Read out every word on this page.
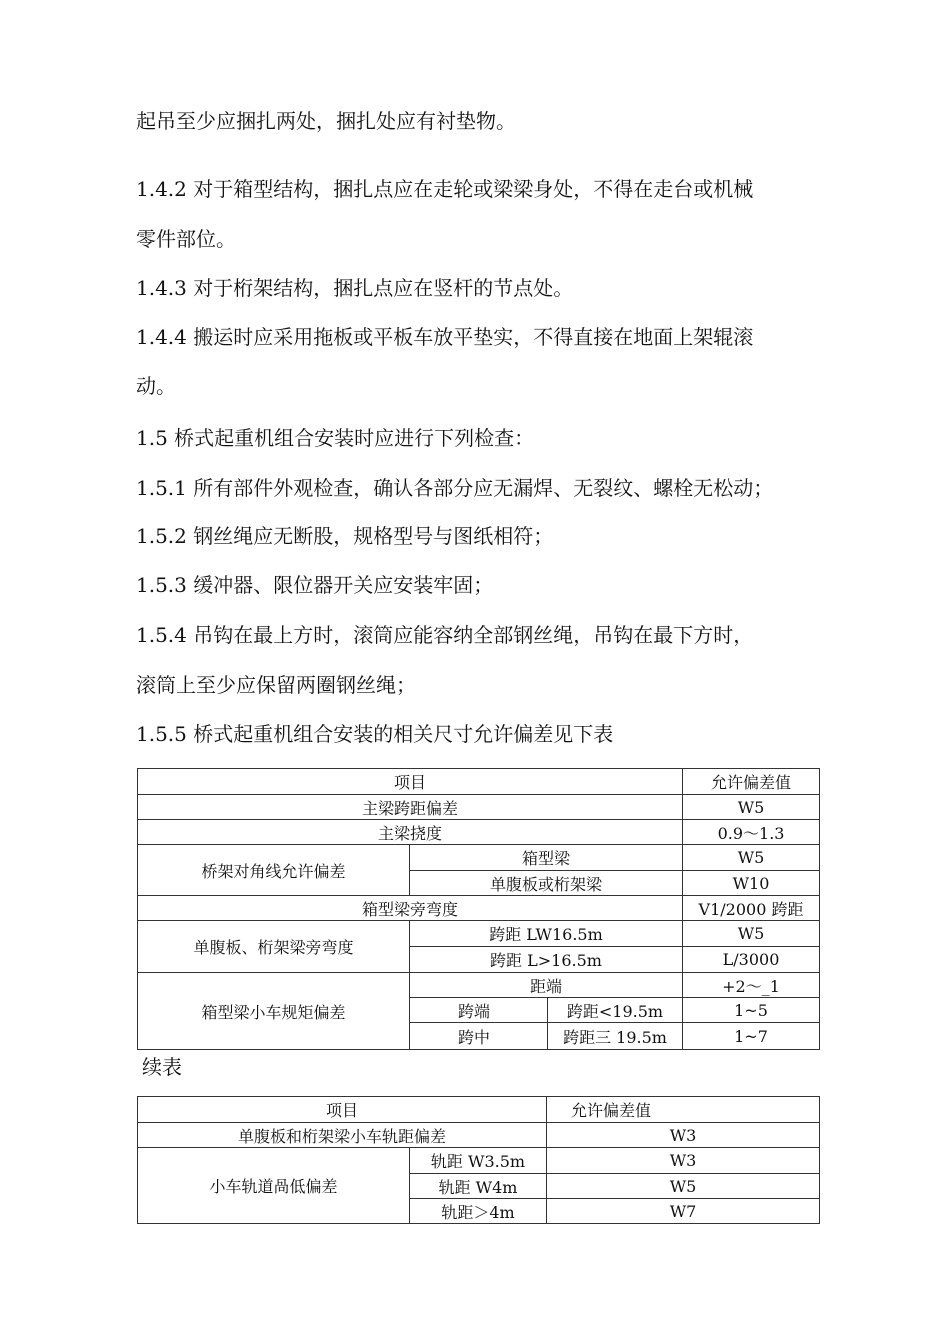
起吊至少应捆扎两处，捆扎处应有衬垫物。

1.4.2 对于箱型结构，捆扎点应在走轮或梁梁身处，不得在走台或机械

零件部位。

1.4.3 对于桁架结构，捆扎点应在竖杆的节点处。

1.4.4 搬运时应采用拖板或平板车放平垫实，不得直接在地面上架辊滚

动。

1.5 桥式起重机组合安装时应进行下列检查：

1.5.1 所有部件外观检查，确认各部分应无漏焊、无裂纹、螺栓无松动；

1.5.2 钢丝绳应无断股，规格型号与图纸相符；

1.5.3 缓冲器、限位器开关应安装牢固；

1.5.4 吊钩在最上方时，滚筒应能容纳全部钢丝绳，吊钩在最下方时，

滚筒上至少应保留两圈钢丝绳；

1.5.5 桥式起重机组合安装的相关尺寸允许偏差见下表

项目			允许偏差值
主梁跨距偏差			W5
主梁挠度			0.9〜1.3
桥架对角线允许偏差	箱型梁		W5
	单腹板或桁架梁		W10
箱型梁旁弯度			V1/2000 跨距
单腹板、桁架梁旁弯度	跨距 LW16.5m		W5
	跨距 L>16.5m		L/3000
箱型梁小车规矩偏差	距端		+2〜_1
	跨端	跨距<19.5m	1~5
	跨中	跨距三 19.5m	1~7

续表

项目		允许偏差值
单腹板和桁架梁小车轨距偏差		W3
小车轨道咼低偏差	轨距 W3.5m	W3
	轨距 W4m	W5
	轨距＞4m	W7
